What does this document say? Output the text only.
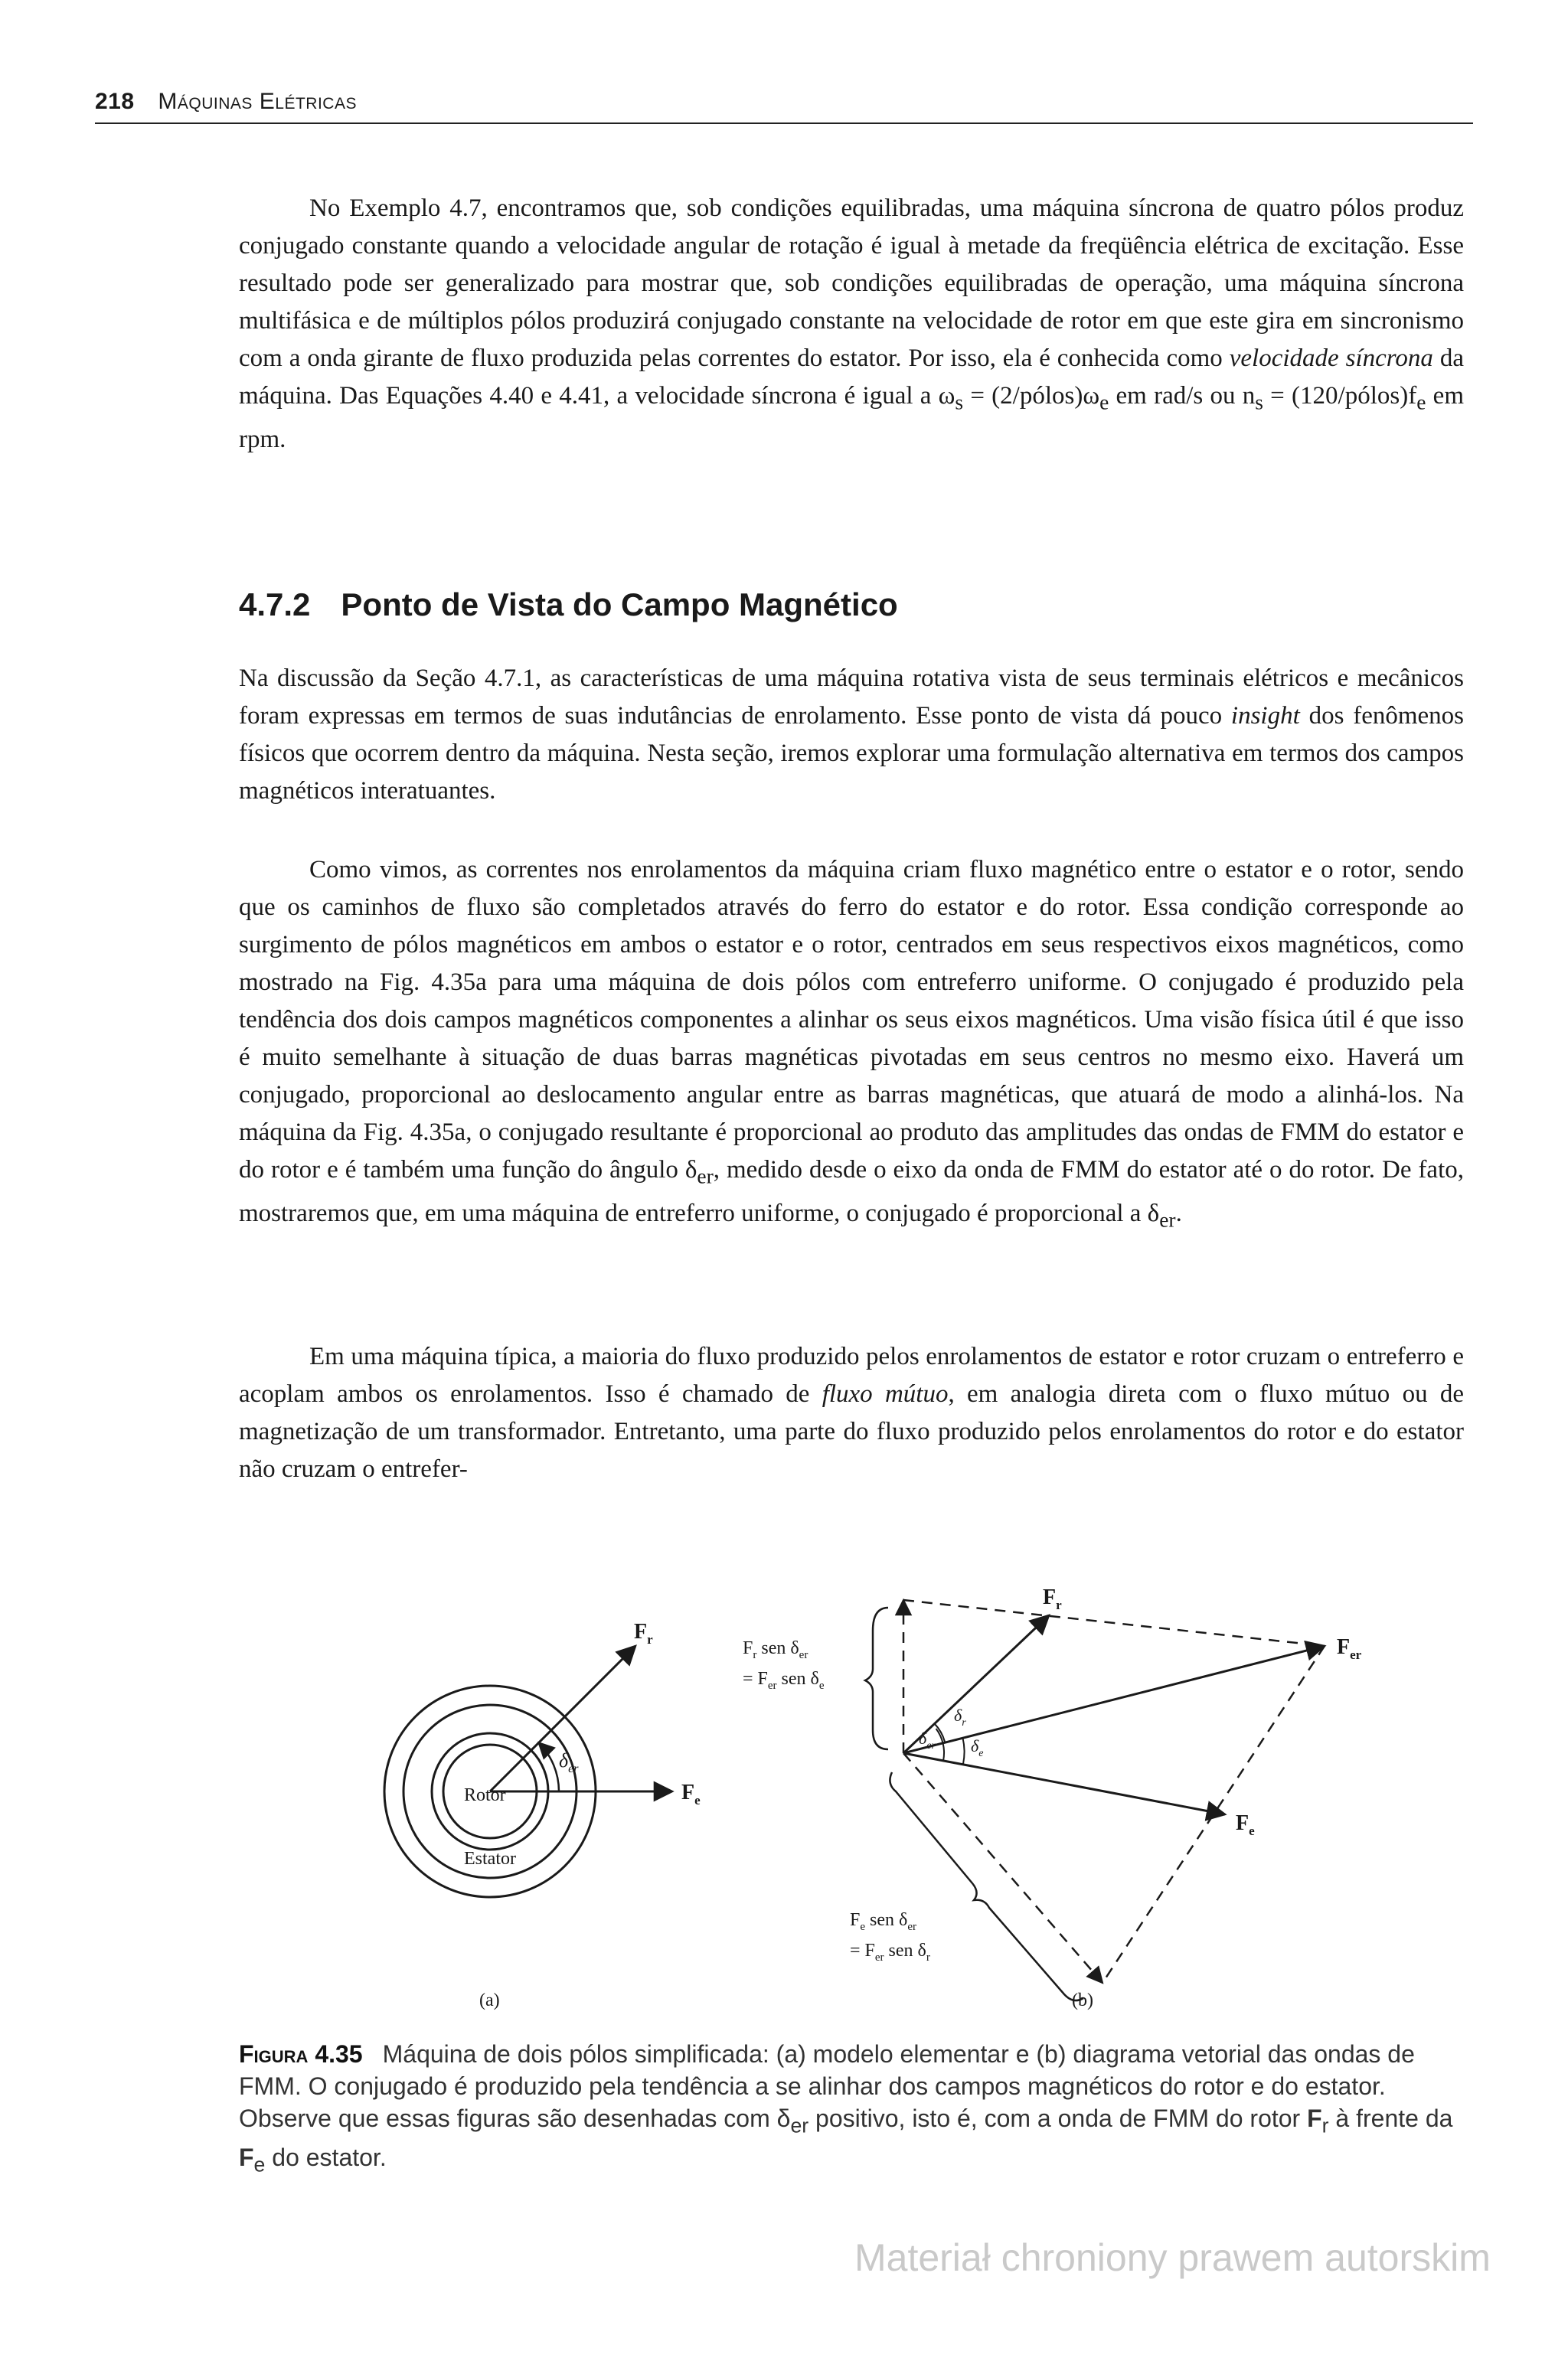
218 Máquinas Elétricas

No Exemplo 4.7, encontramos que, sob condições equilibradas, uma máquina síncrona de quatro pólos produz conjugado constante quando a velocidade angular de rotação é igual à metade da freqüência elétrica de excitação. Esse resultado pode ser generalizado para mostrar que, sob condições equilibradas de operação, uma máquina síncrona multifásica e de múltiplos pólos produzirá conjugado constante na velocidade de rotor em que este gira em sincronismo com a onda girante de fluxo produzida pelas correntes do estator. Por isso, ela é conhecida como velocidade síncrona da máquina. Das Equações 4.40 e 4.41, a velocidade síncrona é igual a $\omega_s$ = $(2/pólos)\omega_e$ em rad/s ou $n_s$ = $(120/pólos)f_e$ em rpm.

4.7.2 Ponto de Vista do Campo Magnético

Na discussão da Seção 4.7.1, as características de uma máquina rotativa vista de seus terminais elétricos e mecânicos foram expressas em termos de suas indutâncias de enrolamento. Esse ponto de vista dá pouco insight dos fenômenos físicos que ocorrem dentro da máquina. Nesta seção, iremos explorar uma formulação alternativa em termos dos campos magnéticos interatuantes.

Como vimos, as correntes nos enrolamentos da máquina criam fluxo magnético entre o estator e o rotor, sendo que os caminhos de fluxo são completados através do ferro do estator e do rotor. Essa condição corresponde ao surgimento de pólos magnéticos em ambos o estator e o rotor, centrados em seus respectivos eixos magnéticos, como mostrado na Fig. 4.35a para uma máquina de dois pólos com entreferro uniforme. O conjugado é produzido pela tendência dos dois campos magnéticos componentes a alinhar os seus eixos magnéticos. Uma visão física útil é que isso é muito semelhante à situação de duas barras magnéticas pivotadas em seus centros no mesmo eixo. Haverá um conjugado, proporcional ao deslocamento angular entre as barras magnéticas, que atuará de modo a alinhá-los. Na máquina da Fig. 4.35a, o conjugado resultante é proporcional ao produto das amplitudes das ondas de FMM do estator e do rotor e é também uma função do ângulo $\delta_{er}$, medido desde o eixo da onda de FMM do estator até o do rotor. De fato, mostraremos que, em uma máquina de entreferro uniforme, o conjugado é proporcional a $\delta_{er}$.

Em uma máquina típica, a maioria do fluxo produzido pelos enrolamentos de estator e rotor cruzam o entreferro e acoplam ambos os enrolamentos. Isso é chamado de fluxo mútuo, em analogia direta com o fluxo mútuo ou de magnetização de um transformador. Entretanto, uma parte do fluxo produzido pelos enrolamentos do rotor e do estator não cruzam o entrefer-

Rotor
Estator
$F_r$
$F_e$
$\delta_{er}$
(a)
$F_r$
$F_{er}$
$F_e$
$F_r$ sen $\delta_{er}$
= $F_{er}$ sen $\delta_e$
$F_e$ sen $\delta_{er}$
= $F_{er}$ sen $\delta_r$
$\delta_r$
$\delta_{er}$ $\delta_e$
(b)

Figura 4.35 Máquina de dois pólos simplificada: (a) modelo elementar e (b) diagrama vetorial das ondas de FMM. O conjugado é produzido pela tendência a se alinhar dos campos magnéticos do rotor e do estator. Observe que essas figuras são desenhadas com $\delta_{er}$ positivo, isto é, com a onda de FMM do rotor $F_r$ à frente da $F_e$ do estator.

Materiał chroniony prawem autorskim
